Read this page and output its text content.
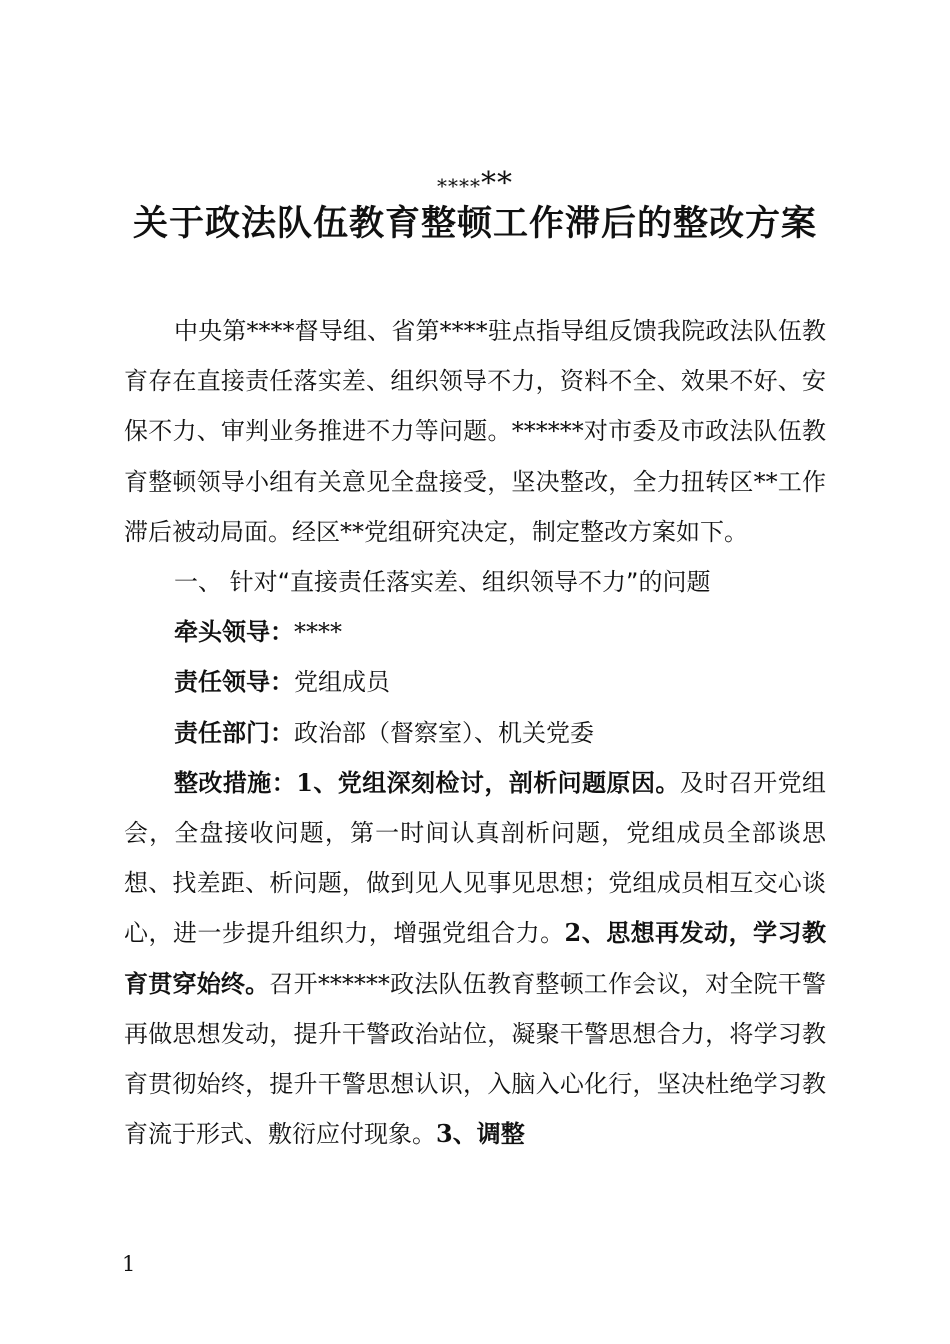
******
关于政法队伍教育整顿工作滞后的整改方案

中央第****督导组、省第****驻点指导组反馈我院政法队伍教育存在直接责任落实差、组织领导不力，资料不全、效果不好、安保不力、审判业务推进不力等问题。******对市委及市政法队伍教育整顿领导小组有关意见全盘接受，坚决整改，全力扭转区**工作滞后被动局面。经区**党组研究决定，制定整改方案如下。

一、 针对“直接责任落实差、组织领导不力”的问题

牵头领导：****

责任领导：党组成员

责任部门：政治部（督察室）、机关党委

整改措施：1、党组深刻检讨，剖析问题原因。及时召开党组会，全盘接收问题，第一时间认真剖析问题，党组成员全部谈思想、找差距、析问题，做到见人见事见思想；党组成员相互交心谈心，进一步提升组织力，增强党组合力。2、思想再发动，学习教育贯穿始终。召开******政法队伍教育整顿工作会议，对全院干警再做思想发动，提升干警政治站位，凝聚干警思想合力，将学习教育贯彻始终，提升干警思想认识，入脑入心化行，坚决杜绝学习教育流于形式、敷衍应付现象。3、调整

1
